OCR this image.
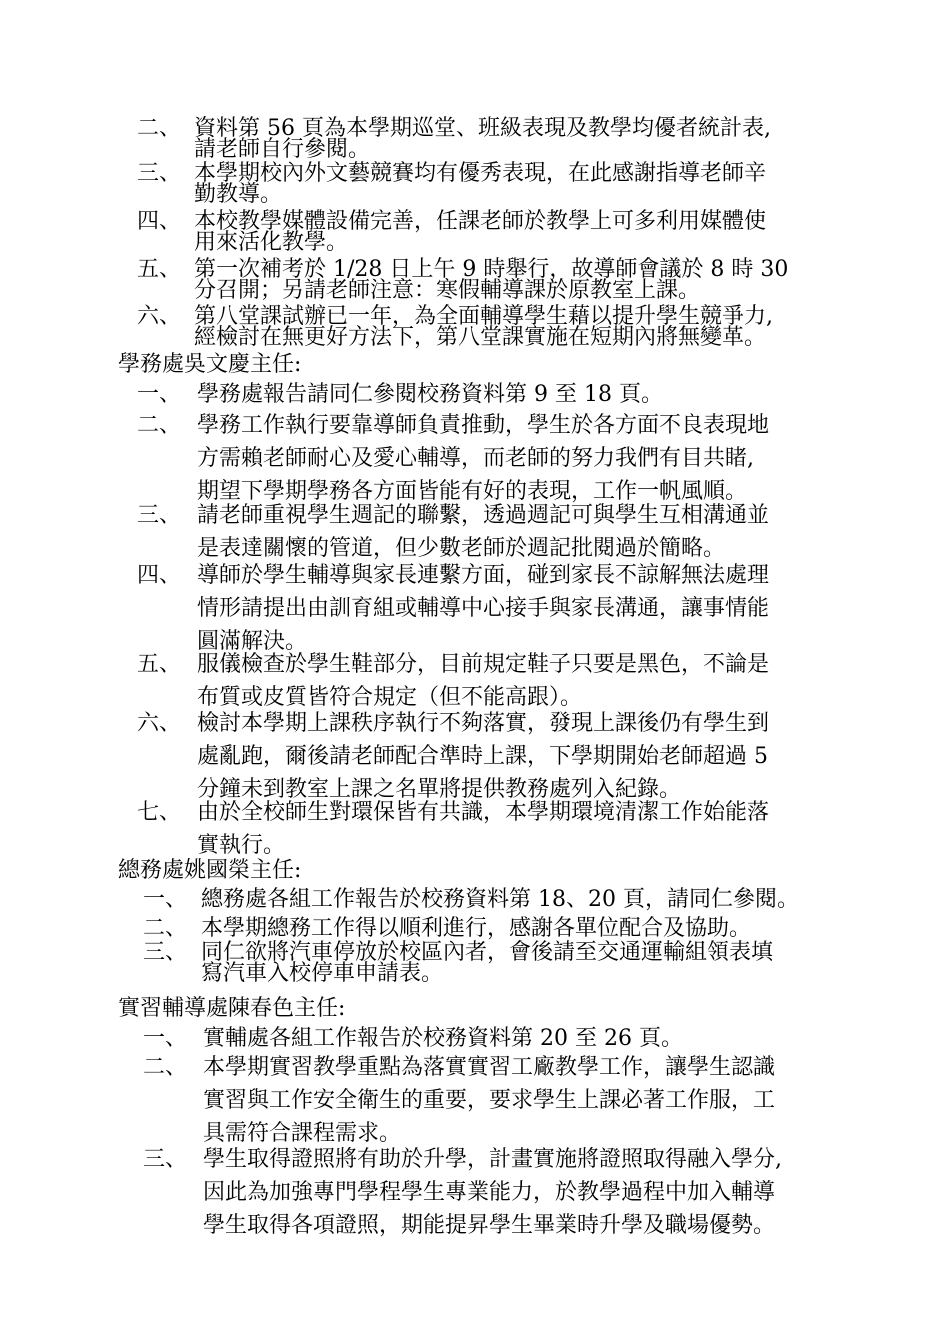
二、 資料第 56 頁為本學期巡堂、班級表現及教學均優者統計表,
請老師自行參閱。
三、 本學期校內外文藝競賽均有優秀表現，在此感謝指導老師辛
勤教導。
四、 本校教學媒體設備完善，任課老師於教學上可多利用媒體使
用來活化教學。
五、 第一次補考於 1/28 日上午 9 時舉行，故導師會議於 8 時 30
分召開；另請老師注意：寒假輔導課於原教室上課。
六、 第八堂課試辦已一年，為全面輔導學生藉以提升學生競爭力,
經檢討在無更好方法下，第八堂課實施在短期內將無變革。
學務處吳文慶主任:
一、 學務處報告請同仁參閱校務資料第 9 至 18 頁。
二、 學務工作執行要靠導師負責推動，學生於各方面不良表現地
方需賴老師耐心及愛心輔導，而老師的努力我們有目共睹,
期望下學期學務各方面皆能有好的表現，工作一帆風順。
三、 請老師重視學生週記的聯繫，透過週記可與學生互相溝通並
是表達關懷的管道，但少數老師於週記批閱過於簡略。
四、 導師於學生輔導與家長連繫方面，碰到家長不諒解無法處理
情形請提出由訓育組或輔導中心接手與家長溝通，讓事情能
圓滿解決。
五、 服儀檢查於學生鞋部分，目前規定鞋子只要是黑色，不論是
布質或皮質皆符合規定（但不能高跟）。
六、 檢討本學期上課秩序執行不夠落實，發現上課後仍有學生到
處亂跑，爾後請老師配合準時上課，下學期開始老師超過 5
分鐘未到教室上課之名單將提供教務處列入紀錄。
七、 由於全校師生對環保皆有共識，本學期環境清潔工作始能落
實執行。
總務處姚國榮主任:
一、 總務處各組工作報告於校務資料第 18、20 頁，請同仁參閱。
二、 本學期總務工作得以順利進行，感謝各單位配合及協助。
三、 同仁欲將汽車停放於校區內者，會後請至交通運輸組領表填
寫汽車入校停車申請表。
實習輔導處陳春色主任:
一、 實輔處各組工作報告於校務資料第 20 至 26 頁。
二、 本學期實習教學重點為落實實習工廠教學工作，讓學生認識
實習與工作安全衛生的重要，要求學生上課必著工作服，工
具需符合課程需求。
三、 學生取得證照將有助於升學，計畫實施將證照取得融入學分,
因此為加強專門學程學生專業能力，於教學過程中加入輔導
學生取得各項證照，期能提昇學生畢業時升學及職場優勢。
